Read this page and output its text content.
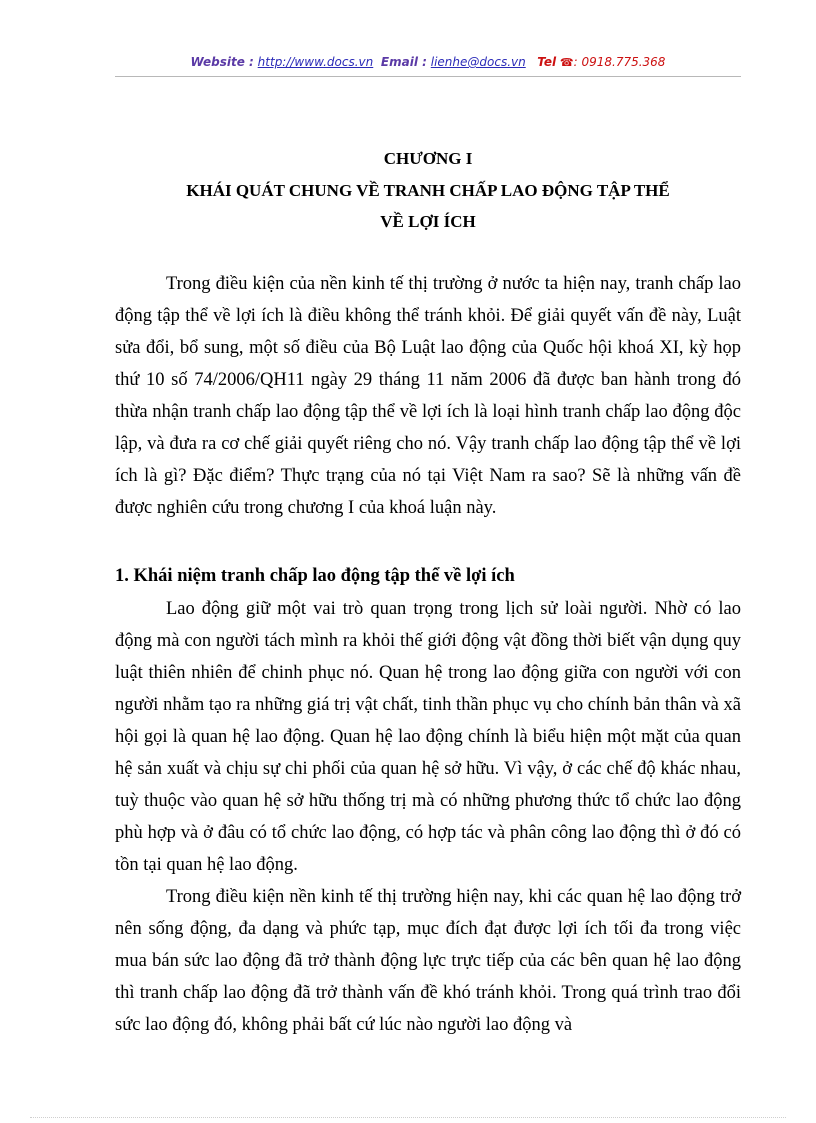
Website : http://www.docs.vn Email : lienhe@docs.vn Tel ☎: 0918.775.368
CHƯƠNG I
KHÁI QUÁT CHUNG VỀ TRANH CHẤP LAO ĐỘNG TẬP THỂ
VỀ LỢI ÍCH

Trong điều kiện của nền kinh tế thị trường ở nước ta hiện nay, tranh chấp lao động tập thể về lợi ích là điều không thể tránh khỏi. Để giải quyết vấn đề này, Luật sửa đổi, bổ sung, một số điều của Bộ Luật lao động của Quốc hội khoá XI, kỳ họp thứ 10 số 74/2006/QH11 ngày 29 tháng 11 năm 2006 đã được ban hành trong đó thừa nhận tranh chấp lao động tập thể về lợi ích là loại hình tranh chấp lao động độc lập, và đưa ra cơ chế giải quyết riêng cho nó. Vậy tranh chấp lao động tập thể về lợi ích là gì? Đặc điểm? Thực trạng của nó tại Việt Nam ra sao? Sẽ là những vấn đề được nghiên cứu trong chương I của khoá luận này.

1. Khái niệm tranh chấp lao động tập thể về lợi ích

Lao động giữ một vai trò quan trọng trong lịch sử loài người. Nhờ có lao động mà con người tách mình ra khỏi thế giới động vật đồng thời biết vận dụng quy luật thiên nhiên để chinh phục nó. Quan hệ trong lao động giữa con người với con người nhằm tạo ra những giá trị vật chất, tinh thần phục vụ cho chính bản thân và xã hội gọi là quan hệ lao động. Quan hệ lao động chính là biểu hiện một mặt của quan hệ sản xuất và chịu sự chi phối của quan hệ sở hữu. Vì vậy, ở các chế độ khác nhau, tuỳ thuộc vào quan hệ sở hữu thống trị mà có những phương thức tổ chức lao động phù hợp và ở đâu có tổ chức lao động, có hợp tác và phân công lao động thì ở đó có tồn tại quan hệ lao động.

Trong điều kiện nền kinh tế thị trường hiện nay, khi các quan hệ lao động trở nên sống động, đa dạng và phức tạp, mục đích đạt được lợi ích tối đa trong việc mua bán sức lao động đã trở thành động lực trực tiếp của các bên quan hệ lao động thì tranh chấp lao động đã trở thành vấn đề khó tránh khỏi. Trong quá trình trao đổi sức lao động đó, không phải bất cứ lúc nào người lao động và
